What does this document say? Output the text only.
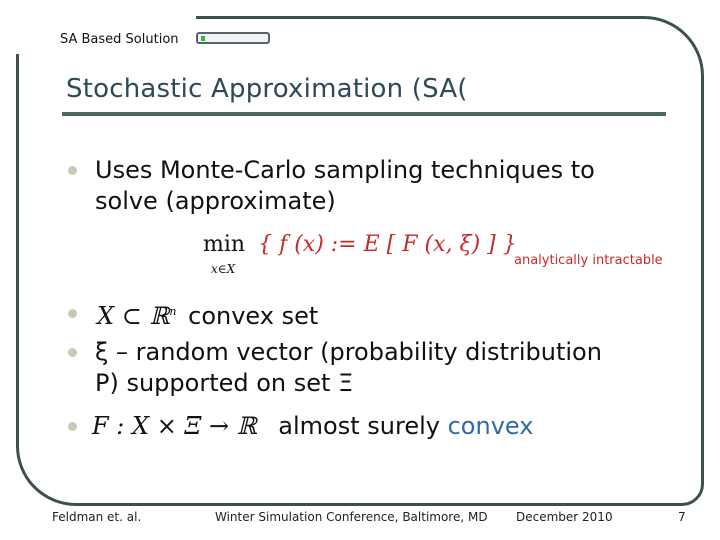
SA Based Solution
Stochastic Approximation (SA(
Uses Monte-Carlo sampling techniques to
solve (approximate)
min
x∈X
{ f (x) := E [ F (x, ξ) ] }
analytically intractable
X ⊂ ℝ$^n$ convex set
ξ – random vector (probability distribution
P) supported on set Ξ
F : X × Ξ → ℝ almost surely convex
Feldman et. al.	Winter Simulation Conference, Baltimore, MD December 2010	7
